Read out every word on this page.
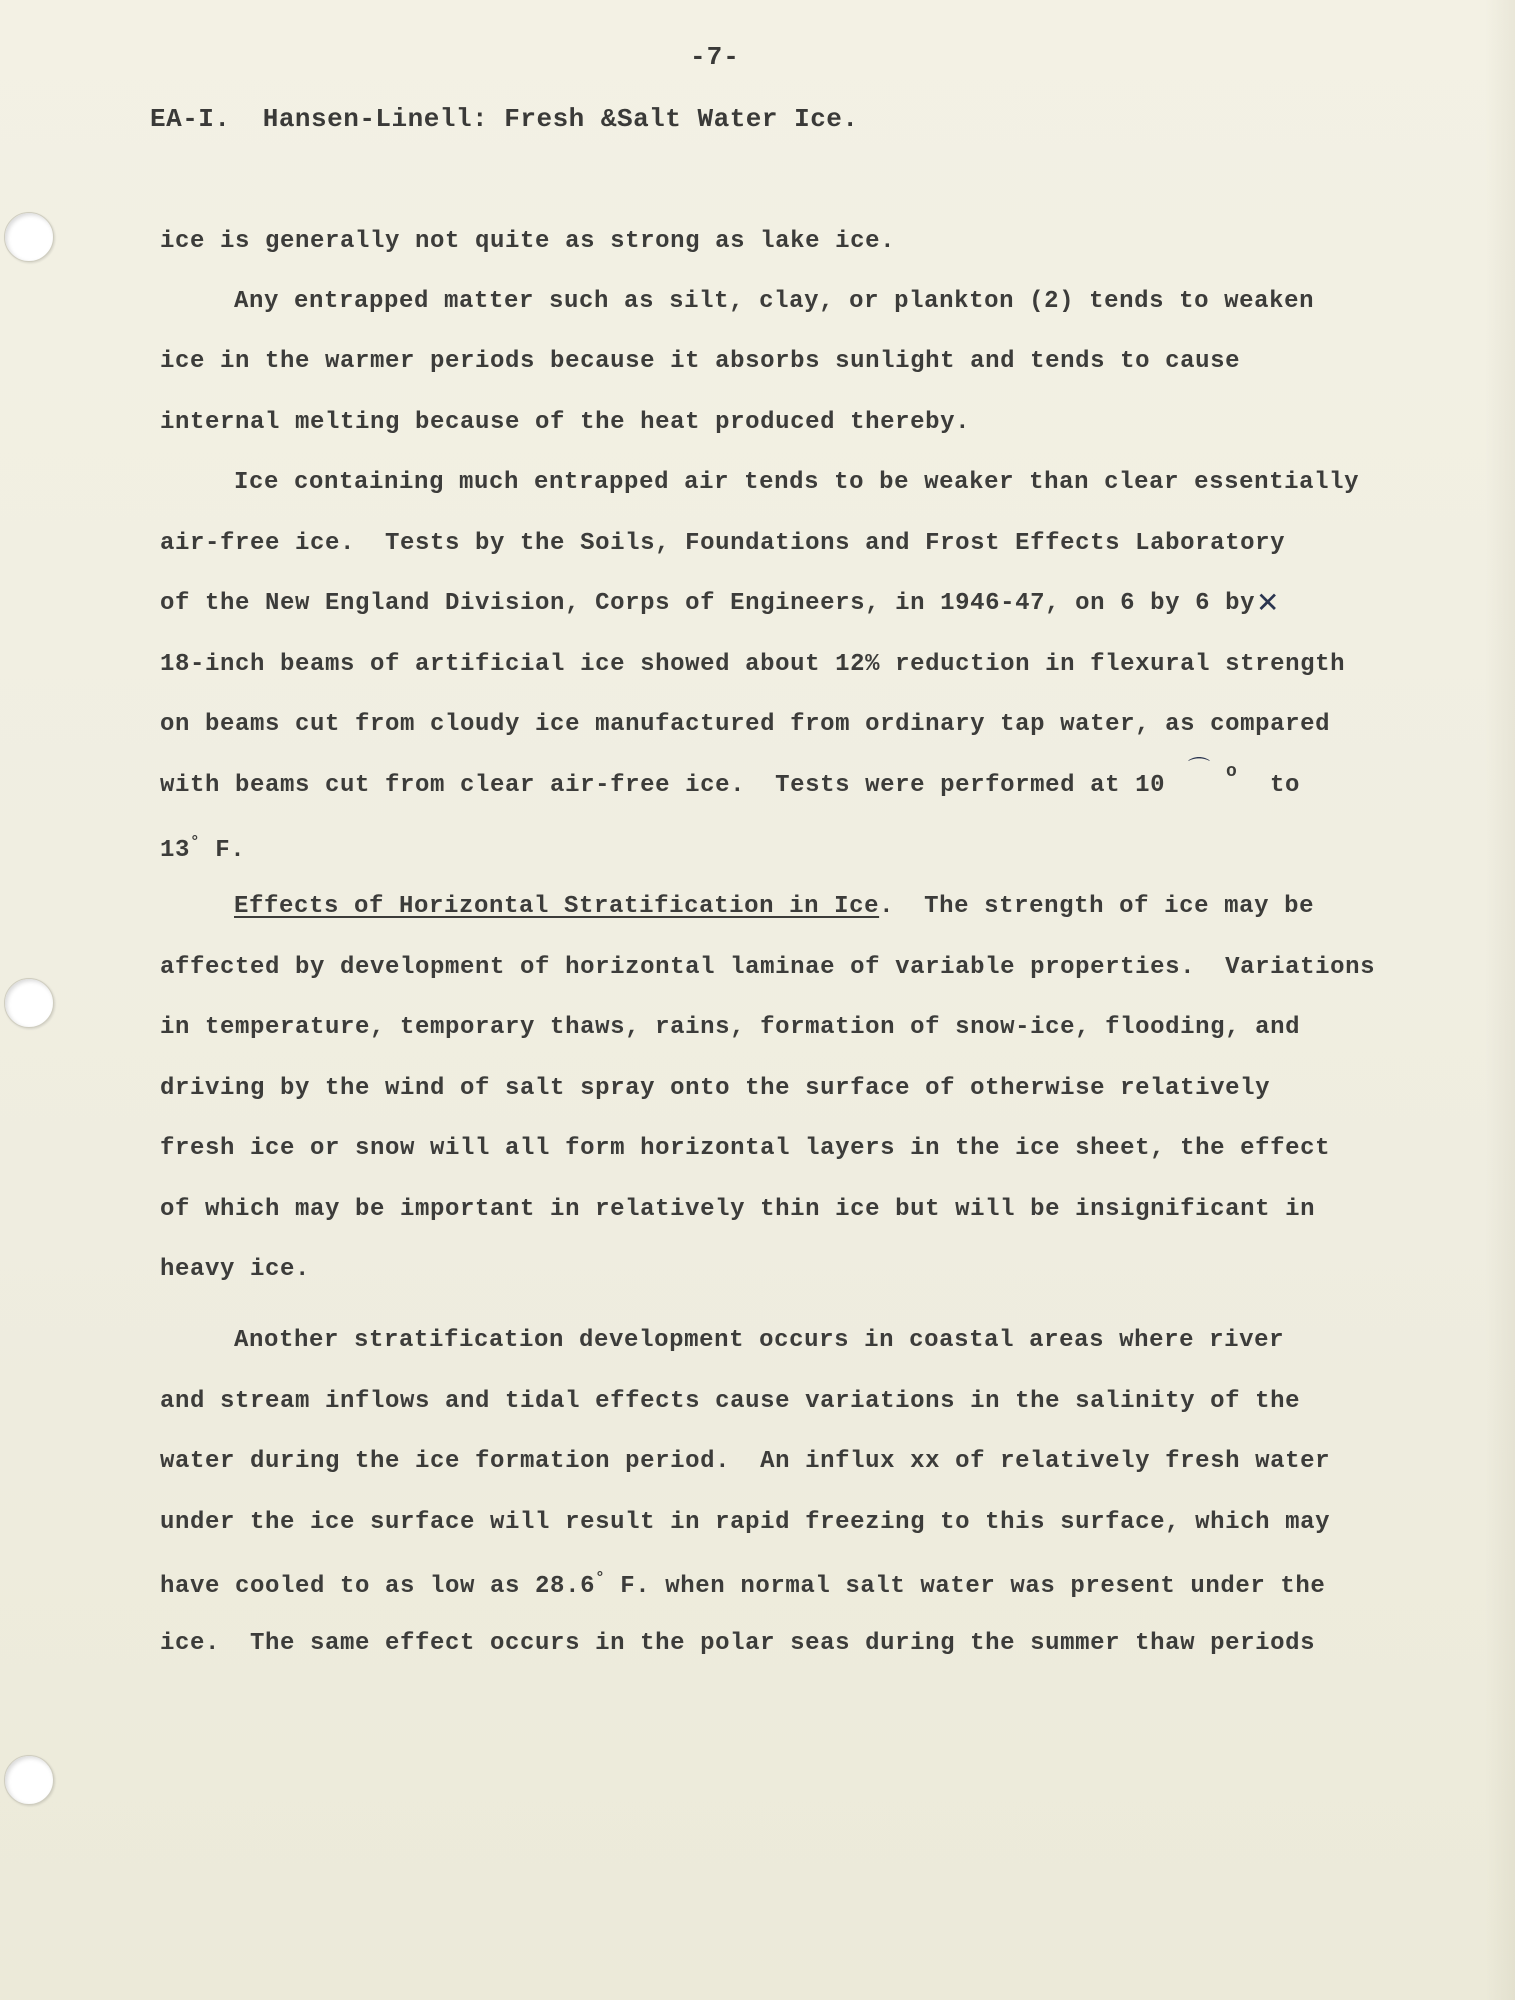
-7-
EA-I.  Hansen-Linell: Fresh &Salt Water Ice.
ice is generally not quite as strong as lake ice.
Any entrapped matter such as silt, clay, or plankton (2) tends to weaken
ice in the warmer periods because it absorbs sunlight and tends to cause
internal melting because of the heat produced thereby.
Ice containing much entrapped air tends to be weaker than clear essentially
air-free ice.  Tests by the Soils, Foundations and Frost Effects Laboratory
of the New England Division, Corps of Engineers, in 1946-47, on 6 by 6 by ✕
18-inch beams of artificial ice showed about 12% reduction in flexural strength
on beams cut from cloudy ice manufactured from ordinary tap water, as compared
with beams cut from clear air-free ice.  Tests were performed at 10
⌒ o	to
13° F.
Effects of Horizontal Stratification in Ice.  The strength of ice may be
affected by development of horizontal laminae of variable properties.  Variations
in temperature, temporary thaws, rains, formation of snow-ice, flooding, and
driving by the wind of salt spray onto the surface of otherwise relatively
fresh ice or snow will all form horizontal layers in the ice sheet, the effect
of which may be important in relatively thin ice but will be insignificant in
heavy ice.
Another stratification development occurs in coastal areas where river
and stream inflows and tidal effects cause variations in the salinity of the
water during the ice formation period.  An influx xx of relatively fresh water
under the ice surface will result in rapid freezing to this surface, which may
have cooled to as low as 28.6° F. when normal salt water was present under the
ice.  The same effect occurs in the polar seas during the summer thaw periods
